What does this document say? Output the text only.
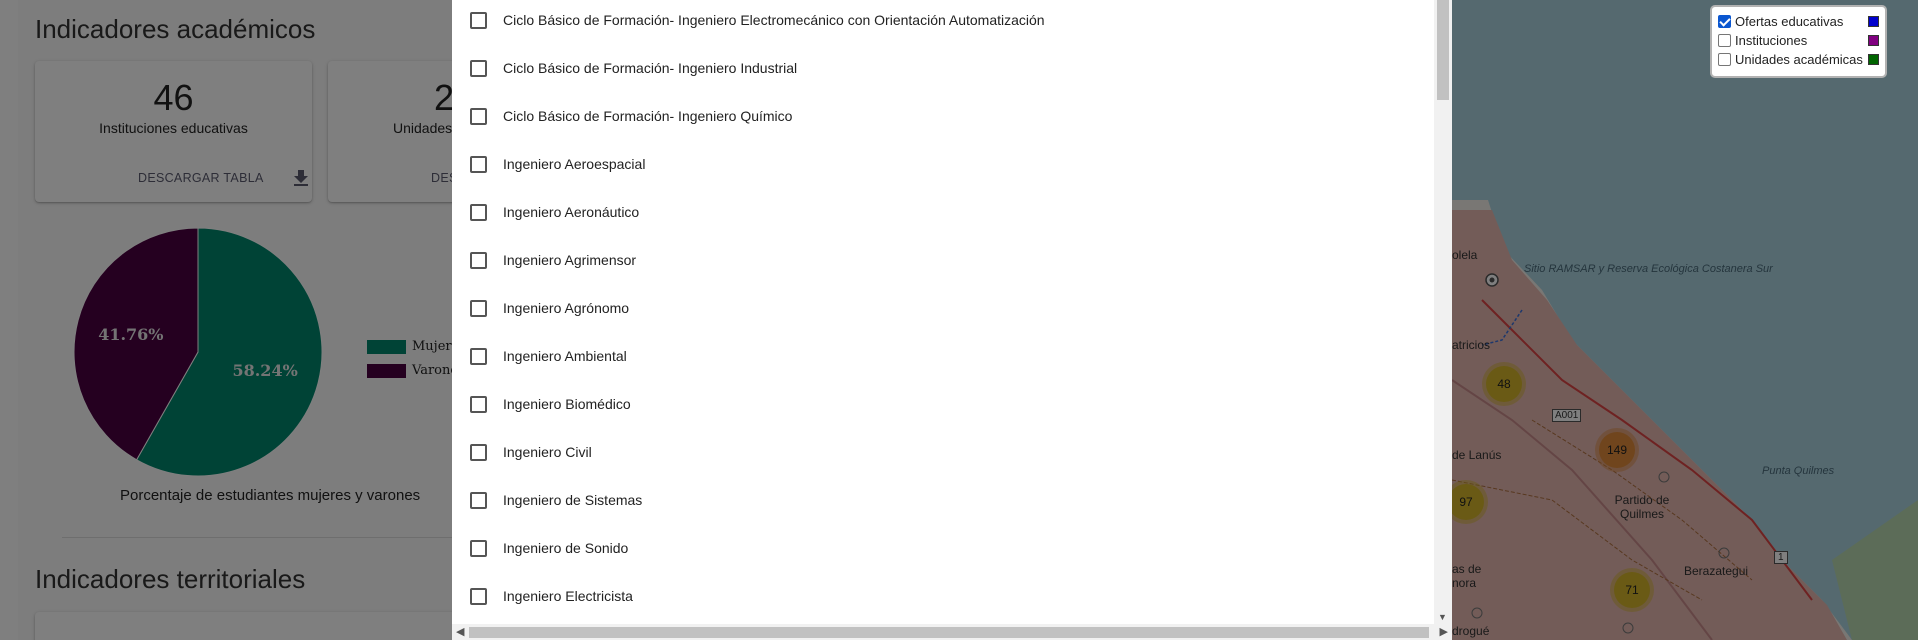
Ofertas educativas
Instituciones
Unidades académicas
Ciclo Básico de Formación- Ingeniero Electromecánico con Orientación Automatización
Ciclo Básico de Formación- Ingeniero Industrial
Ciclo Básico de Formación- Ingeniero Químico
Ingeniero Aeroespacial
Ingeniero Aeronáutico
Ingeniero Agrimensor
Ingeniero Agrónomo
Ingeniero Ambiental
Ingeniero Biomédico
Ingeniero Civil
Ingeniero de Sistemas
Ingeniero de Sonido
Ingeniero Electricista
▼
◀	▶
